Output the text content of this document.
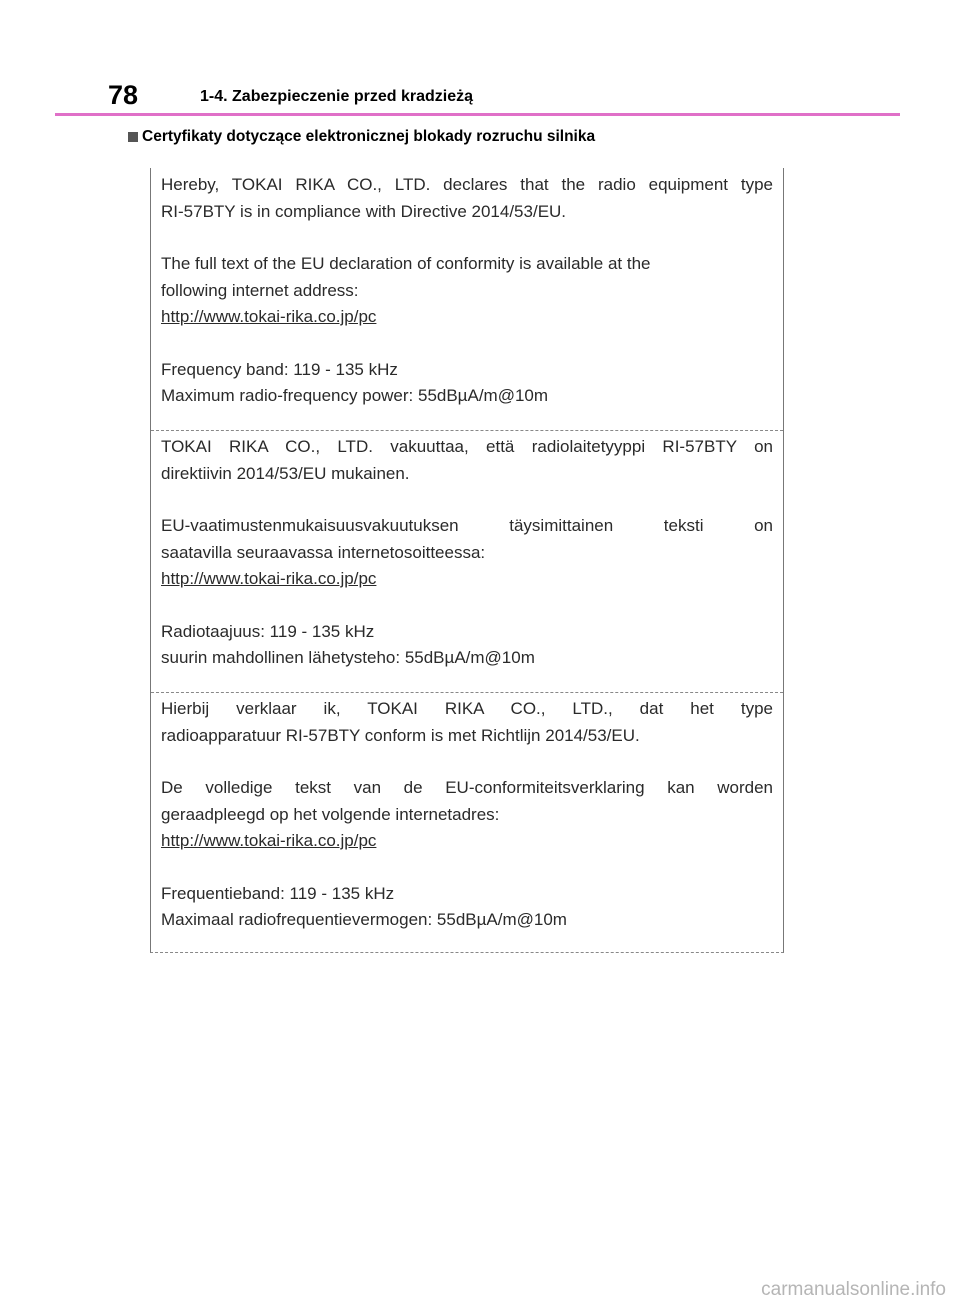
78	1-4. Zabezpieczenie przed kradzieżą
Certyfikaty dotyczące elektronicznej blokady rozruchu silnika

Hereby, TOKAI RIKA CO., LTD. declares that the radio equipment type

RI-57BTY is in compliance with Directive 2014/53/EU.

The full text of the EU declaration of conformity is available at the

following internet address:

http://www.tokai-rika.co.jp/pc

Frequency band: 119 - 135 kHz

Maximum radio-frequency power: 55dBµA/m@10m

TOKAI RIKA CO., LTD. vakuuttaa, että radiolaitetyyppi RI-57BTY on

direktiivin 2014/53/EU mukainen.

EU-vaatimustenmukaisuusvakuutuksen täysimittainen teksti on

saatavilla seuraavassa internetosoitteessa:

http://www.tokai-rika.co.jp/pc

Radiotaajuus: 119 - 135 kHz

suurin mahdollinen lähetysteho: 55dBµA/m@10m

Hierbij verklaar ik, TOKAI RIKA CO., LTD., dat het type

radioapparatuur RI-57BTY conform is met Richtlijn 2014/53/EU.

De volledige tekst van de EU-conformiteitsverklaring kan worden

geraadpleegd op het volgende internetadres:

http://www.tokai-rika.co.jp/pc

Frequentieband: 119 - 135 kHz

Maximaal radiofrequentievermogen: 55dBµA/m@10m

carmanualsonline.info
